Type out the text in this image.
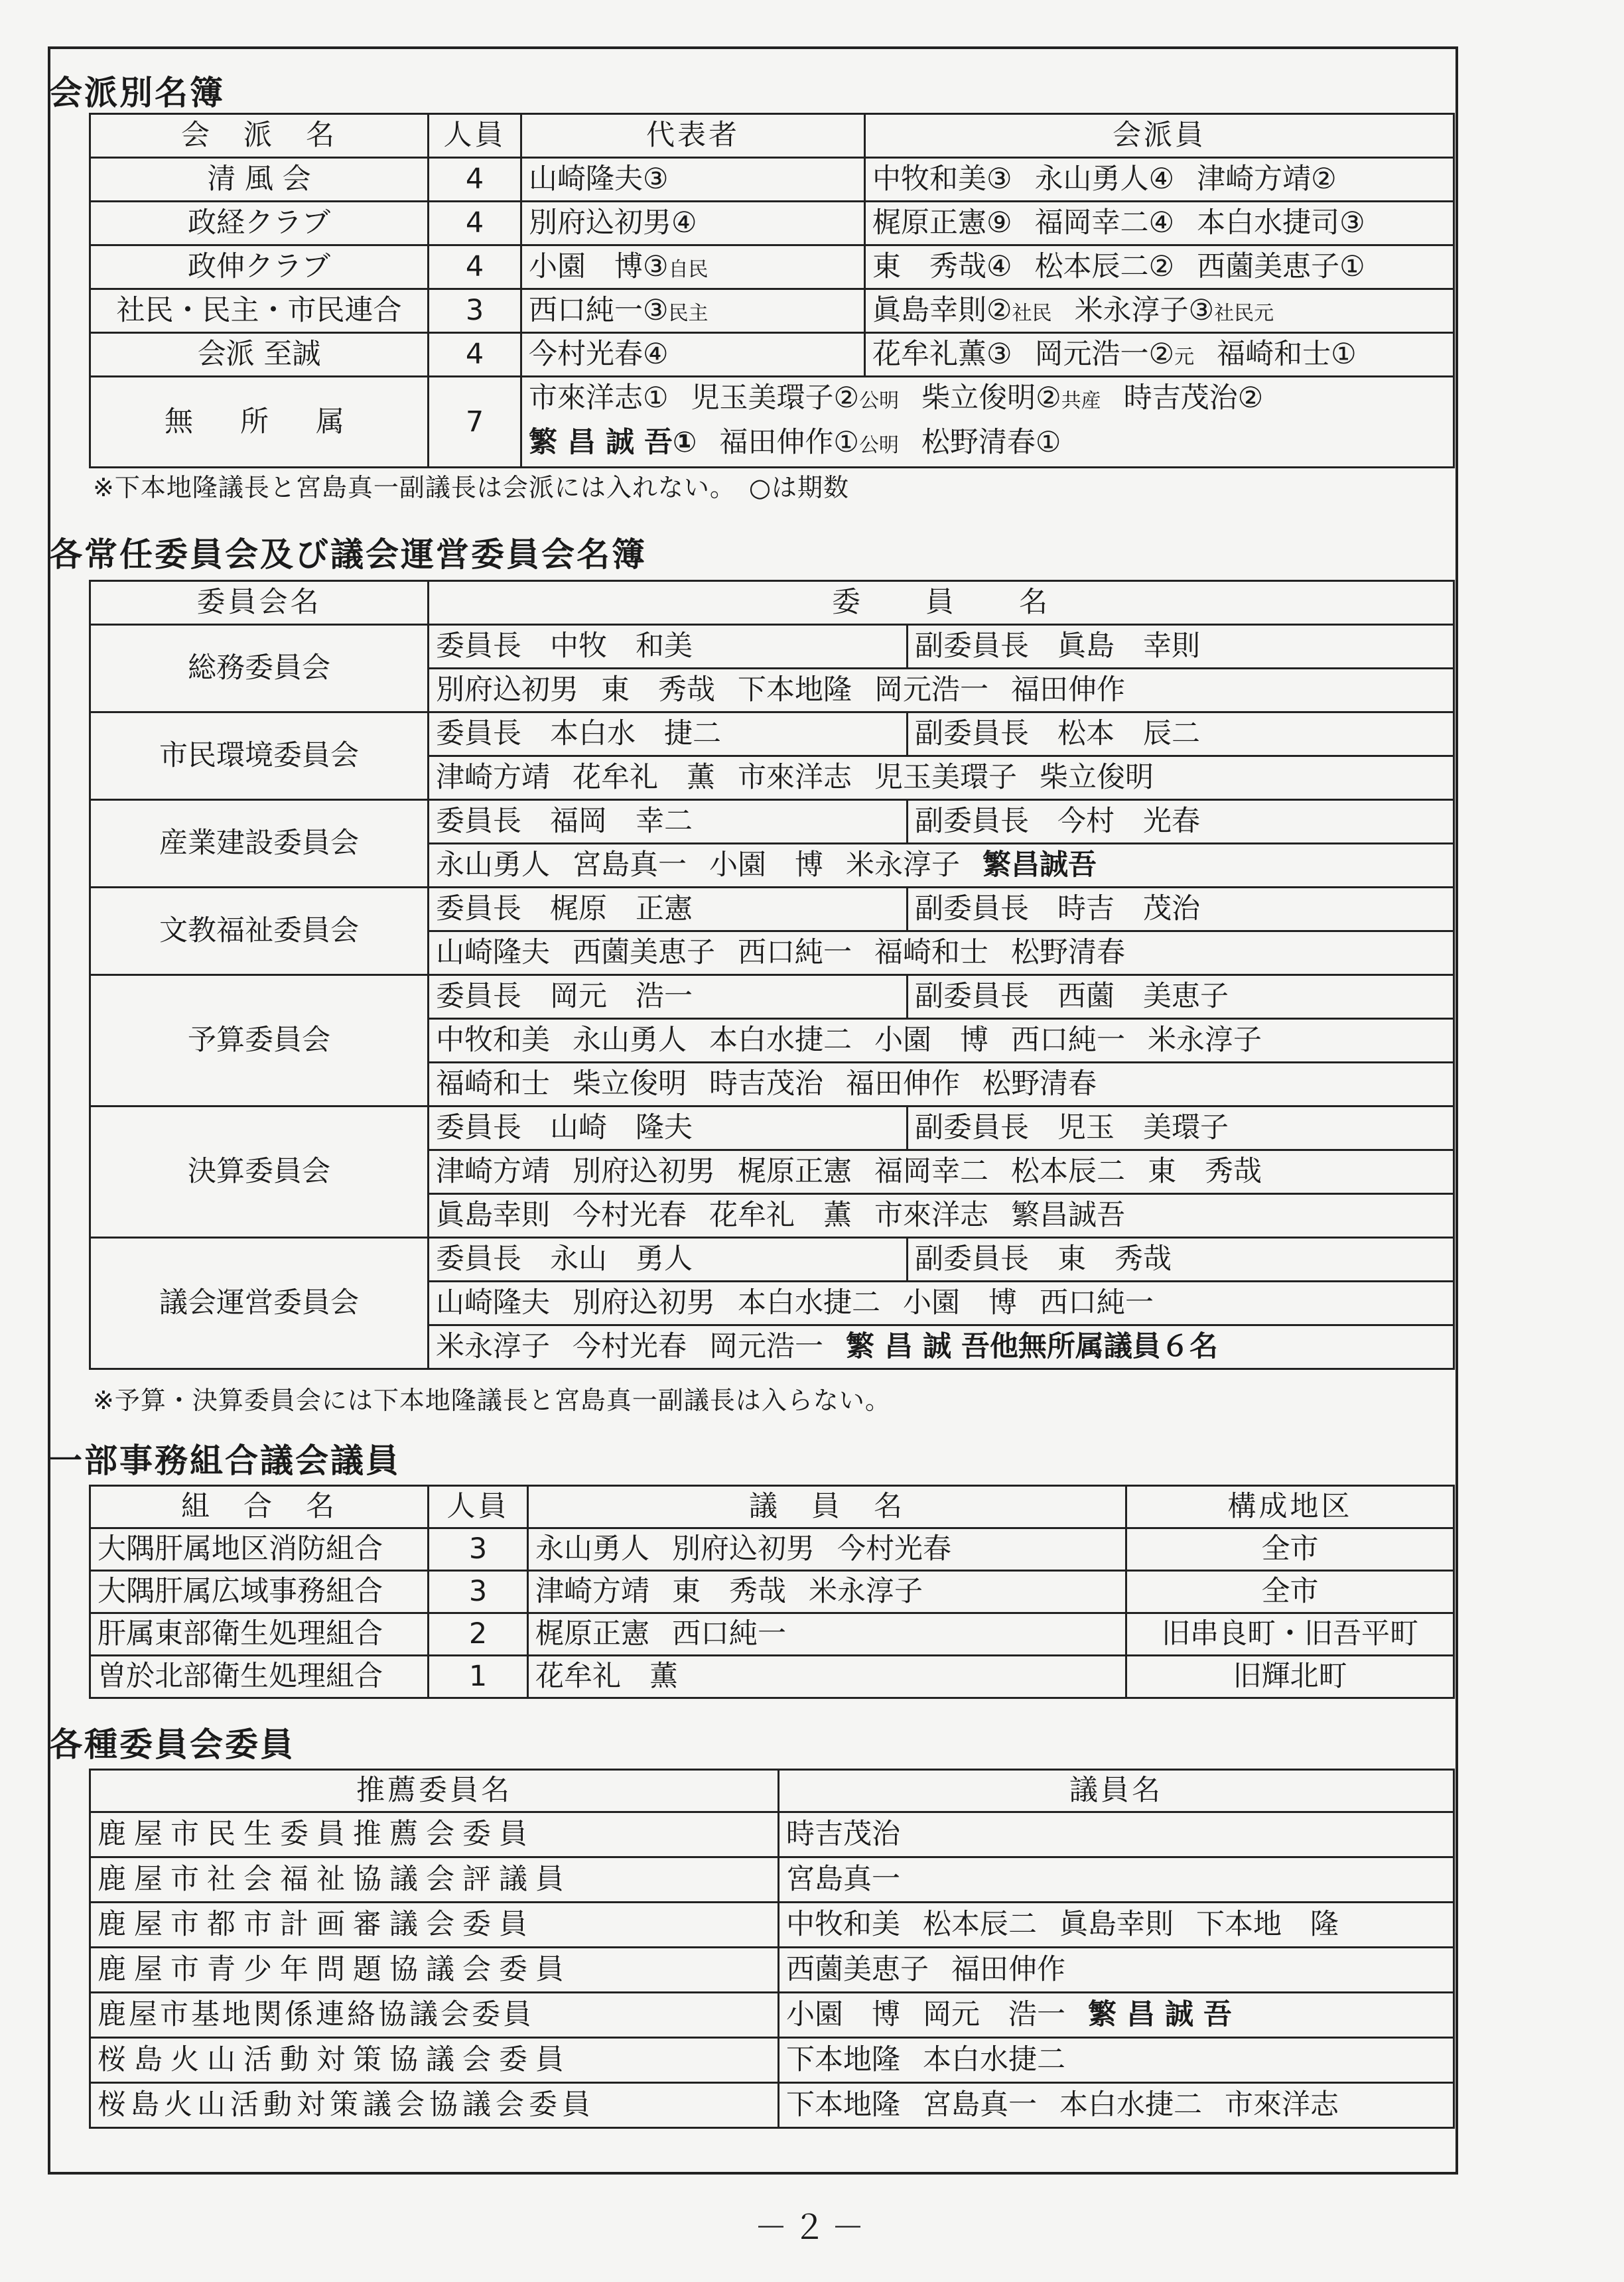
会派別名簿
会　派　名	人員	代表者	会派員
清 風 会	4	山崎隆夫③	中牧和美③ 永山勇人④ 津崎方靖②
政経クラブ	4	別府込初男④	梶原正憲⑨ 福岡幸二④ 本白水捷司③
政伸クラブ	4	小園　博③自民	東　秀哉④ 松本辰二② 西薗美恵子①
社民・民主・市民連合	3	西口純一③民主	眞島幸則②社民 米永淳子③社民元
会派 至誠	4	今村光春④	花牟礼薫③ 岡元浩一②元 福崎和士①
無　所　属	7	市來洋志① 児玉美環子②公明 柴立俊明②共産 時吉茂治②
繁 昌 誠 吾① 福田伸作①公明 松野清春①	
※下本地隆議長と宮島真一副議長は会派には入れない。　○は期数
各常任委員会及び議会運営委員会名簿
委員会名	委　　員　　名	
総務委員会	委員長　中牧　和美	副委員長　眞島　幸則
	別府込初男 東　秀哉 下本地隆 岡元浩一 福田伸作	
市民環境委員会	委員長　本白水　捷二	副委員長　松本　辰二
	津崎方靖 花牟礼　薫 市來洋志 児玉美環子 柴立俊明	
産業建設委員会	委員長　福岡　幸二	副委員長　今村　光春
	永山勇人 宮島真一 小園　博 米永淳子 繁昌誠吾	
文教福祉委員会	委員長　梶原　正憲	副委員長　時吉　茂治
	山崎隆夫 西薗美恵子 西口純一 福崎和士 松野清春	
予算委員会	委員長　岡元　浩一	副委員長　西薗　美恵子
	中牧和美 永山勇人 本白水捷二 小園　博 西口純一 米永淳子	
	福崎和士 柴立俊明 時吉茂治 福田伸作 松野清春	
決算委員会	委員長　山崎　隆夫	副委員長　児玉　美環子
	津崎方靖 別府込初男 梶原正憲 福岡幸二 松本辰二 東　秀哉	
	眞島幸則 今村光春 花牟礼　薫 市來洋志 繁昌誠吾	
議会運営委員会	委員長　永山　勇人	副委員長　東　秀哉
	山崎隆夫 別府込初男 本白水捷二 小園　博 西口純一	
	米永淳子 今村光春 岡元浩一 繁 昌 誠 吾他無所属議員６名	
※予算・決算委員会には下本地隆議長と宮島真一副議長は入らない。
一部事務組合議会議員
組　合　名	人員	議　員　名	構成地区
大隅肝属地区消防組合	3	永山勇人 別府込初男 今村光春	全市
大隅肝属広域事務組合	3	津崎方靖 東　秀哉 米永淳子	全市
肝属東部衛生処理組合	2	梶原正憲 西口純一	旧串良町・旧吾平町
曽於北部衛生処理組合	1	花牟礼　薫	旧輝北町
各種委員会委員
推薦委員名	議員名
鹿屋市民生委員推薦会委員	時吉茂治
鹿屋市社会福祉協議会評議員	宮島真一
鹿屋市都市計画審議会委員	中牧和美 松本辰二 眞島幸則 下本地　隆
鹿屋市青少年問題協議会委員	西薗美恵子 福田伸作
鹿屋市基地関係連絡協議会委員	小園　博 岡元　浩一 繁 昌 誠 吾
桜島火山活動対策協議会委員	下本地隆 本白水捷二
桜島火山活動対策議会協議会委員	下本地隆 宮島真一 本白水捷二 市來洋志
－２－
